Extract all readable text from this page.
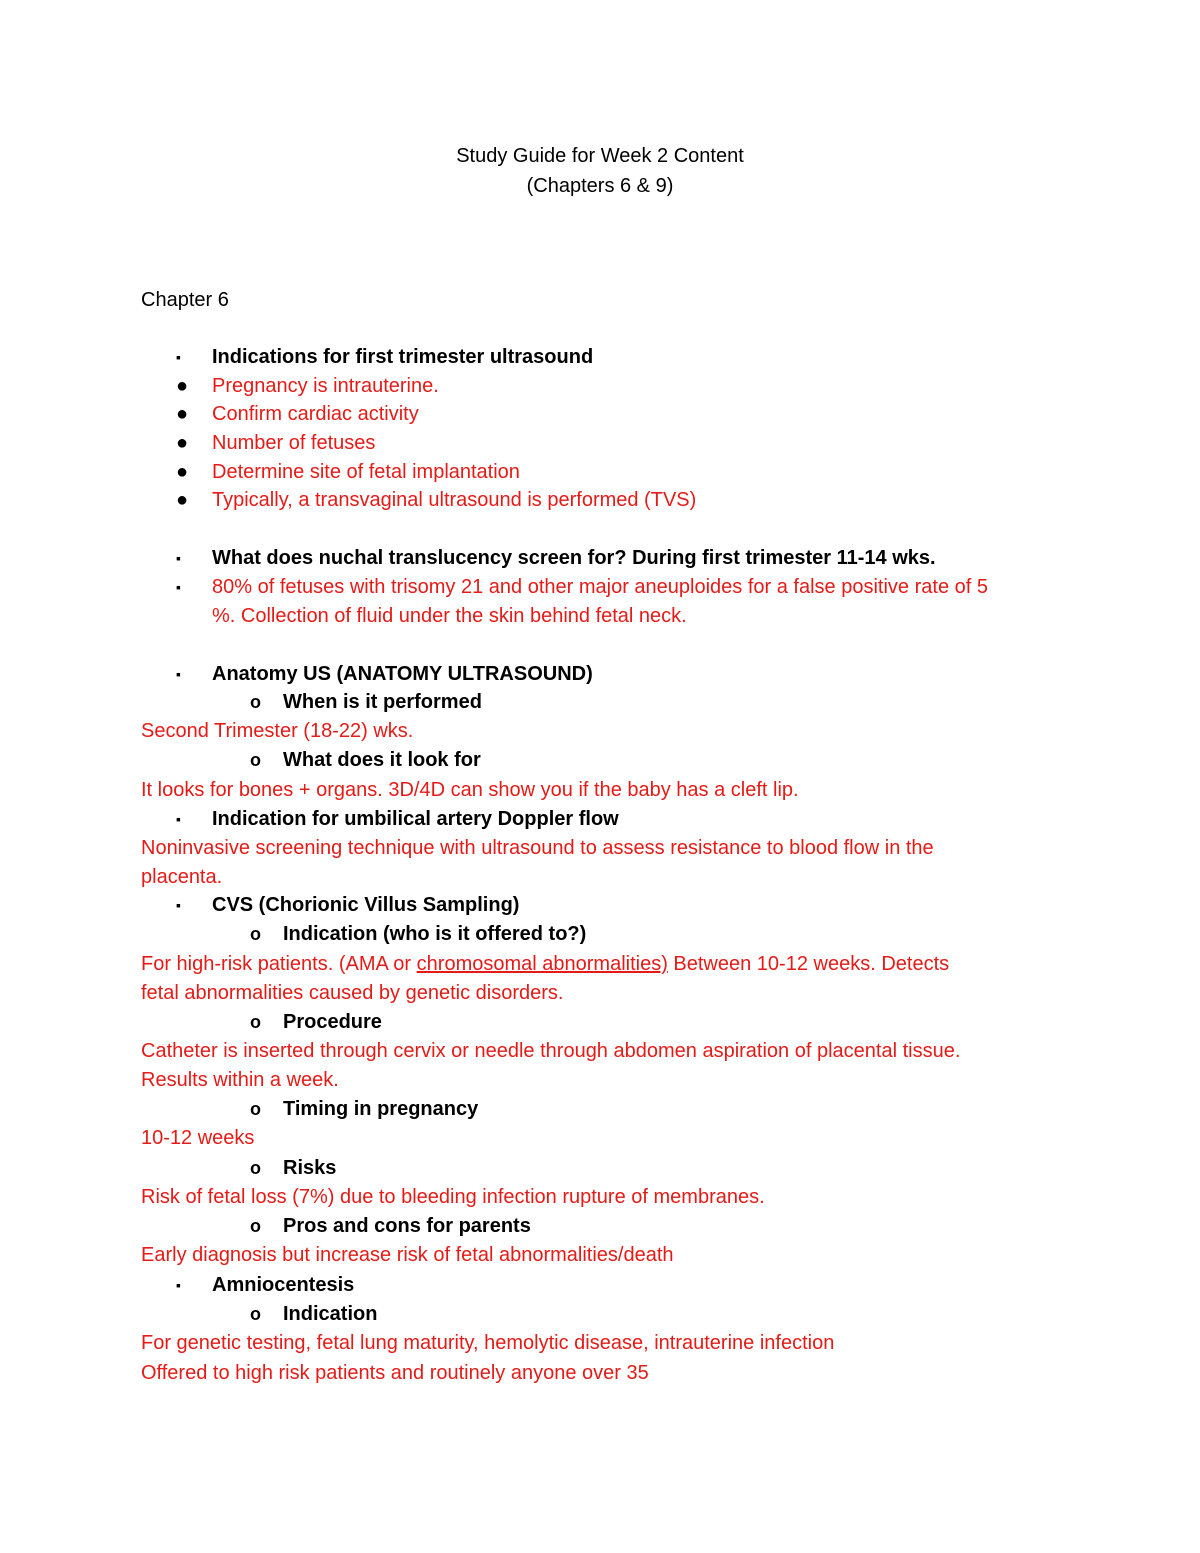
Study Guide for Week 2 Content
(Chapters 6 & 9)
Chapter 6
▪ Indications for first trimester ultrasound
● Pregnancy is intrauterine.
● Confirm cardiac activity
● Number of fetuses
● Determine site of fetal implantation
● Typically, a transvaginal ultrasound is performed (TVS)
▪ What does nuchal translucency screen for? During first trimester 11-14 wks.
▪ 80% of fetuses with trisomy 21 and other major aneuploides for a false positive rate of 5
%. Collection of fluid under the skin behind fetal neck.
▪ Anatomy US (ANATOMY ULTRASOUND)
o When is it performed
Second Trimester (18-22) wks.
o What does it look for
It looks for bones + organs. 3D/4D can show you if the baby has a cleft lip.
▪ Indication for umbilical artery Doppler flow
Noninvasive screening technique with ultrasound to assess resistance to blood flow in the
placenta.
▪ CVS (Chorionic Villus Sampling)
o Indication (who is it offered to?)
For high-risk patients. (AMA or chromosomal abnormalities) Between 10-12 weeks. Detects
fetal abnormalities caused by genetic disorders.
o Procedure
Catheter is inserted through cervix or needle through abdomen aspiration of placental tissue.
Results within a week.
o Timing in pregnancy
10-12 weeks
o Risks
Risk of fetal loss (7%) due to bleeding infection rupture of membranes.
o Pros and cons for parents
Early diagnosis but increase risk of fetal abnormalities/death
▪ Amniocentesis
o Indication
For genetic testing, fetal lung maturity, hemolytic disease, intrauterine infection
Offered to high risk patients and routinely anyone over 35
